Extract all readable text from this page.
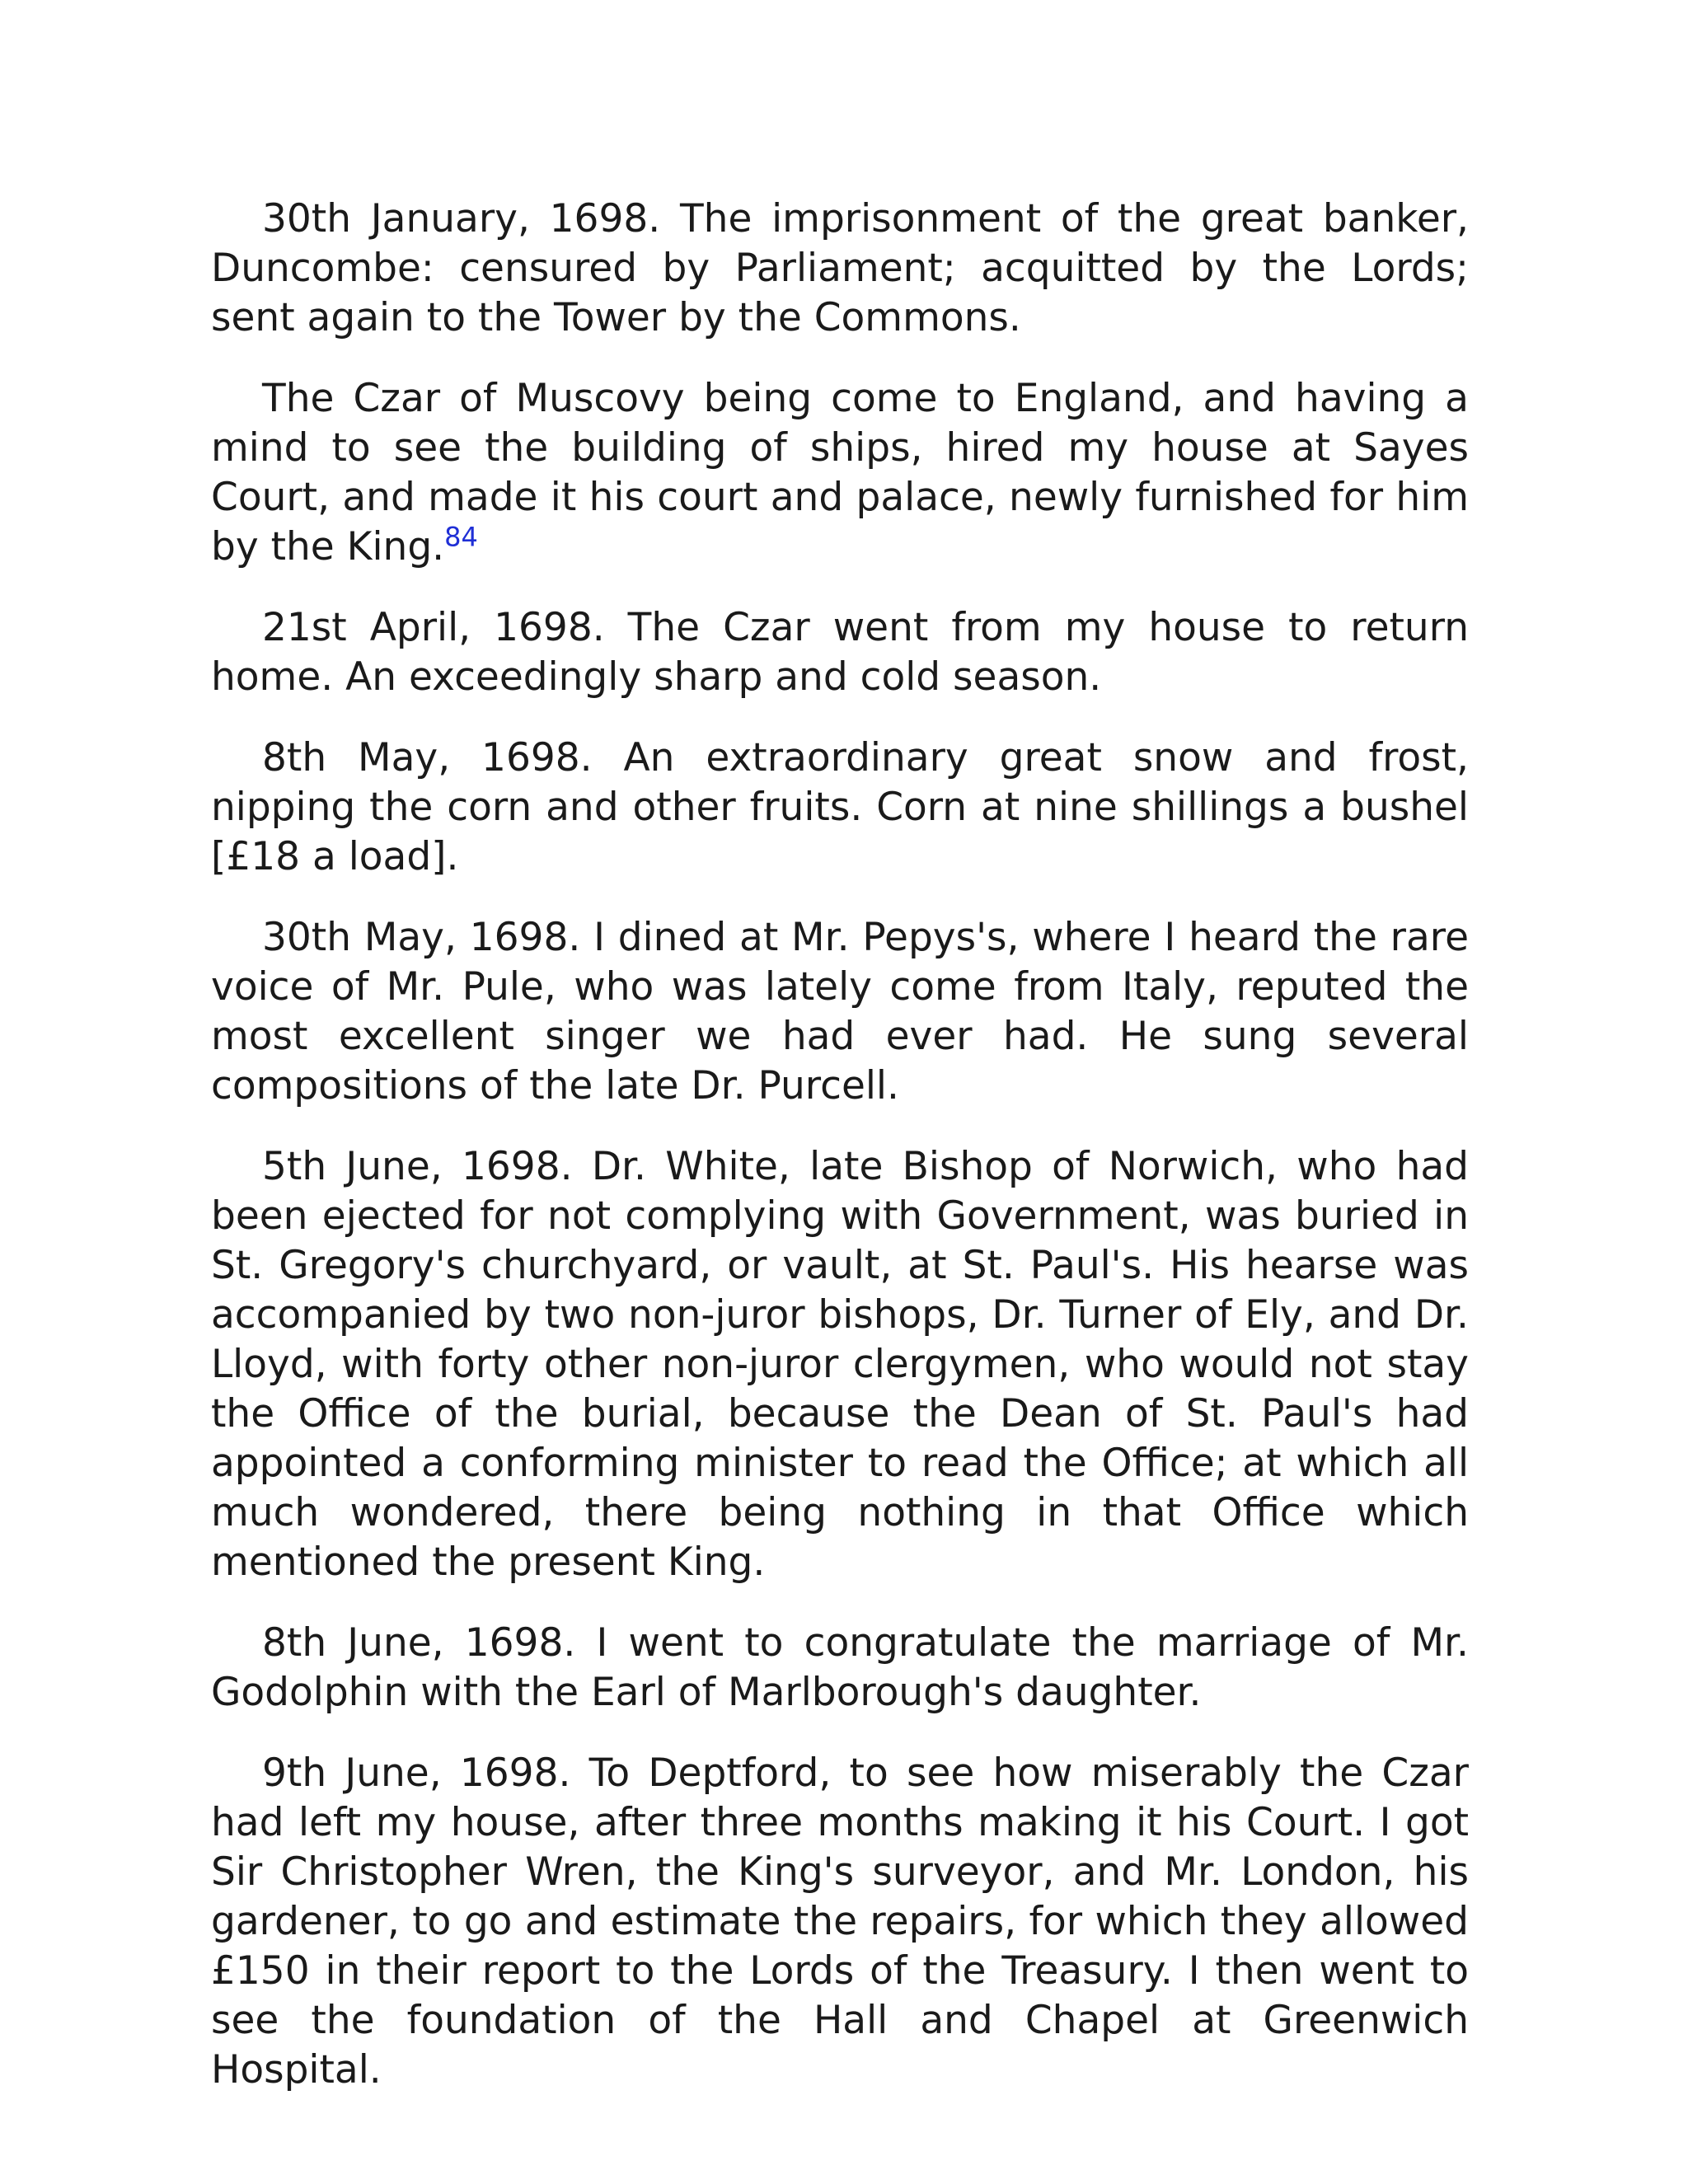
30th January, 1698. The imprisonment of the great banker, Duncombe: censured by Parliament; acquitted by the Lords; sent again to the Tower by the Commons.

The Czar of Muscovy being come to England, and having a mind to see the building of ships, hired my house at Sayes Court, and made it his court and palace, newly furnished for him by the King.$^{84}$

21st April, 1698. The Czar went from my house to return home. An exceedingly sharp and cold season.

8th May, 1698. An extraordinary great snow and frost, nipping the corn and other fruits. Corn at nine shillings a bushel [£18 a load].

30th May, 1698. I dined at Mr. Pepys's, where I heard the rare voice of Mr. Pule, who was lately come from Italy, reputed the most excellent singer we had ever had. He sung several compositions of the late Dr. Purcell.

5th June, 1698. Dr. White, late Bishop of Norwich, who had been ejected for not complying with Government, was buried in St. Gregory's churchyard, or vault, at St. Paul's. His hearse was accompanied by two non-juror bishops, Dr. Turner of Ely, and Dr. Lloyd, with forty other non-juror clergymen, who would not stay the Office of the burial, because the Dean of St. Paul's had appointed a conforming minister to read the Office; at which all much wondered, there being nothing in that Office which mentioned the present King.

8th June, 1698. I went to congratulate the marriage of Mr. Godolphin with the Earl of Marlborough's daughter.

9th June, 1698. To Deptford, to see how miserably the Czar had left my house, after three months making it his Court. I got Sir Christopher Wren, the King's surveyor, and Mr. London, his gardener, to go and estimate the repairs, for which they allowed £150 in their report to the Lords of the Treasury. I then went to see the foundation of the Hall and Chapel at Greenwich Hospital.
